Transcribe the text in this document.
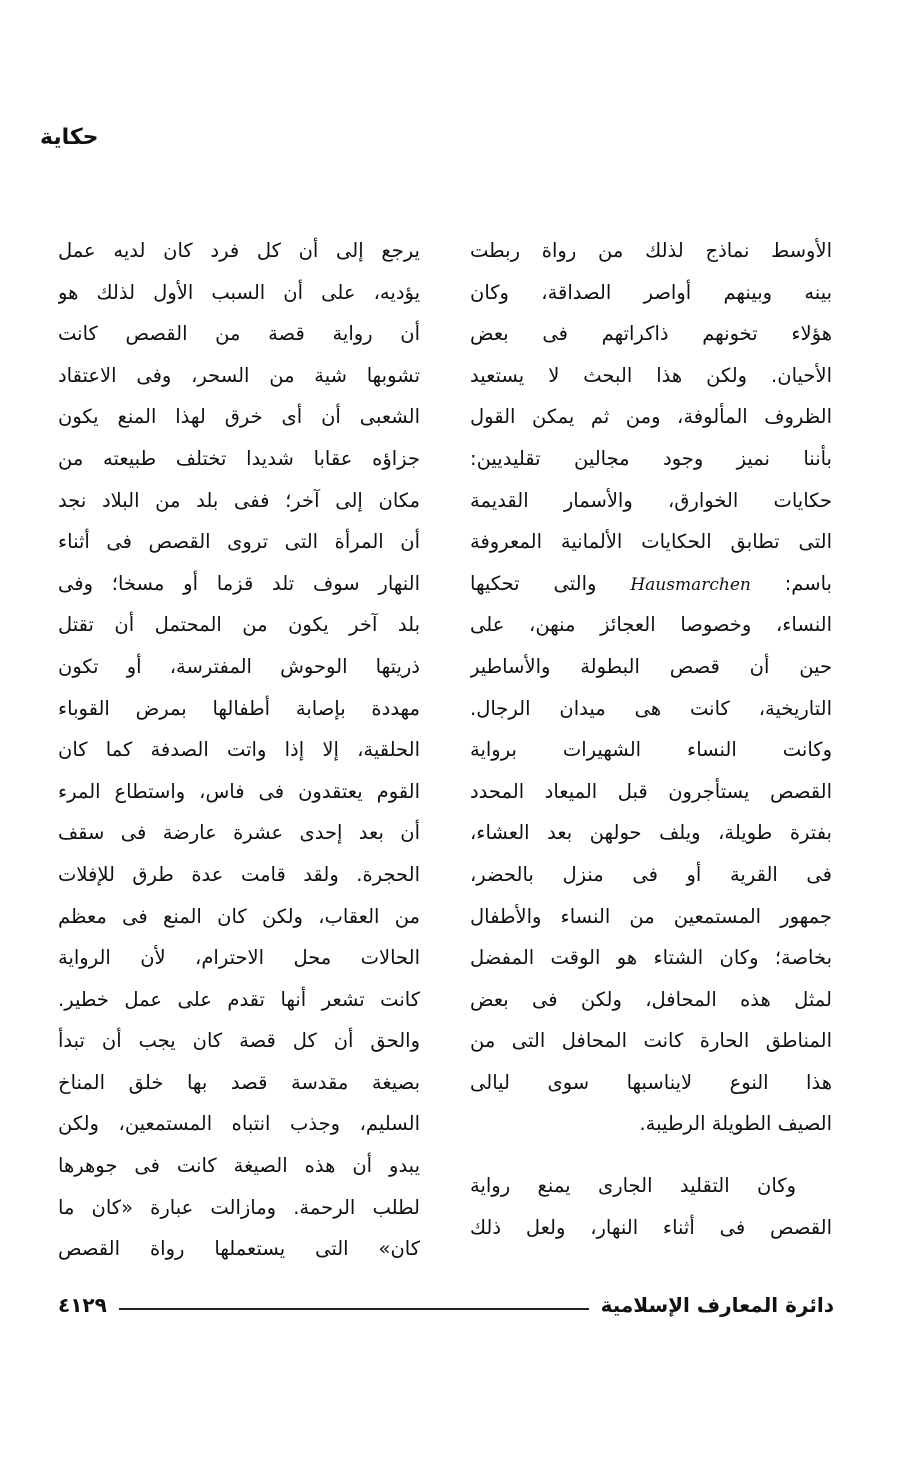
حكاية
الأوسط نماذج لذلك من رواة ربطت
بينه وبينهم أواصر الصداقة، وكان
هؤلاء تخونهم ذاكراتهم فى بعض
الأحيان. ولكن هذا البحث لا يستعيد
الظروف المألوفة، ومن ثم يمكن القول
بأننا نميز وجود مجالين تقليديين:
حكايات الخوارق، والأسمار القديمة
التى تطابق الحكايات الألمانية المعروفة
باسم: Hausmarchen والتى تحكيها
النساء، وخصوصا العجائز منهن، على
حين أن قصص البطولة والأساطير
التاريخية، كانت هى ميدان الرجال.
وكانت النساء الشهيرات برواية
القصص يستأجرون قبل الميعاد المحدد
بفترة طويلة، ويلف حولهن بعد العشاء،
فى القرية أو فى منزل بالحضر،
جمهور المستمعين من النساء والأطفال
بخاصة؛ وكان الشتاء هو الوقت المفضل
لمثل هذه المحافل، ولكن فى بعض
المناطق الحارة كانت المحافل التى من
هذا النوع لايناسبها سوى ليالى
الصيف الطويلة الرطيبة.
وكان التقليد الجارى يمنع رواية
القصص فى أثناء النهار، ولعل ذلك
يرجع إلى أن كل فرد كان لديه عمل
يؤديه، على أن السبب الأول لذلك هو
أن رواية قصة من القصص كانت
تشوبها شية من السحر، وفى الاعتقاد
الشعبى أن أى خرق لهذا المنع يكون
جزاؤه عقابا شديدا تختلف طبيعته من
مكان إلى آخر؛ ففى بلد من البلاد نجد
أن المرأة التى تروى القصص فى أثناء
النهار سوف تلد قزما أو مسخا؛ وفى
بلد آخر يكون من المحتمل أن تقتل
ذريتها الوحوش المفترسة، أو تكون
مهددة بإصابة أطفالها بمرض القوباء
الحلقية، إلا إذا واتت الصدفة كما كان
القوم يعتقدون فى فاس، واستطاع المرء
أن بعد إحدى عشرة عارضة فى سقف
الحجرة. ولقد قامت عدة طرق للإفلات
من العقاب، ولكن كان المنع فى معظم
الحالات محل الاحترام، لأن الرواية
كانت تشعر أنها تقدم على عمل خطير.
والحق أن كل قصة كان يجب أن تبدأ
بصيغة مقدسة قصد بها خلق المناخ
السليم، وجذب انتباه المستمعين، ولكن
يبدو أن هذه الصيغة كانت فى جوهرها
لطلب الرحمة. ومازالت عبارة «كان ما
كان» التى يستعملها رواة القصص
دائرة المعارف الإسلامية
٤١٢٩
